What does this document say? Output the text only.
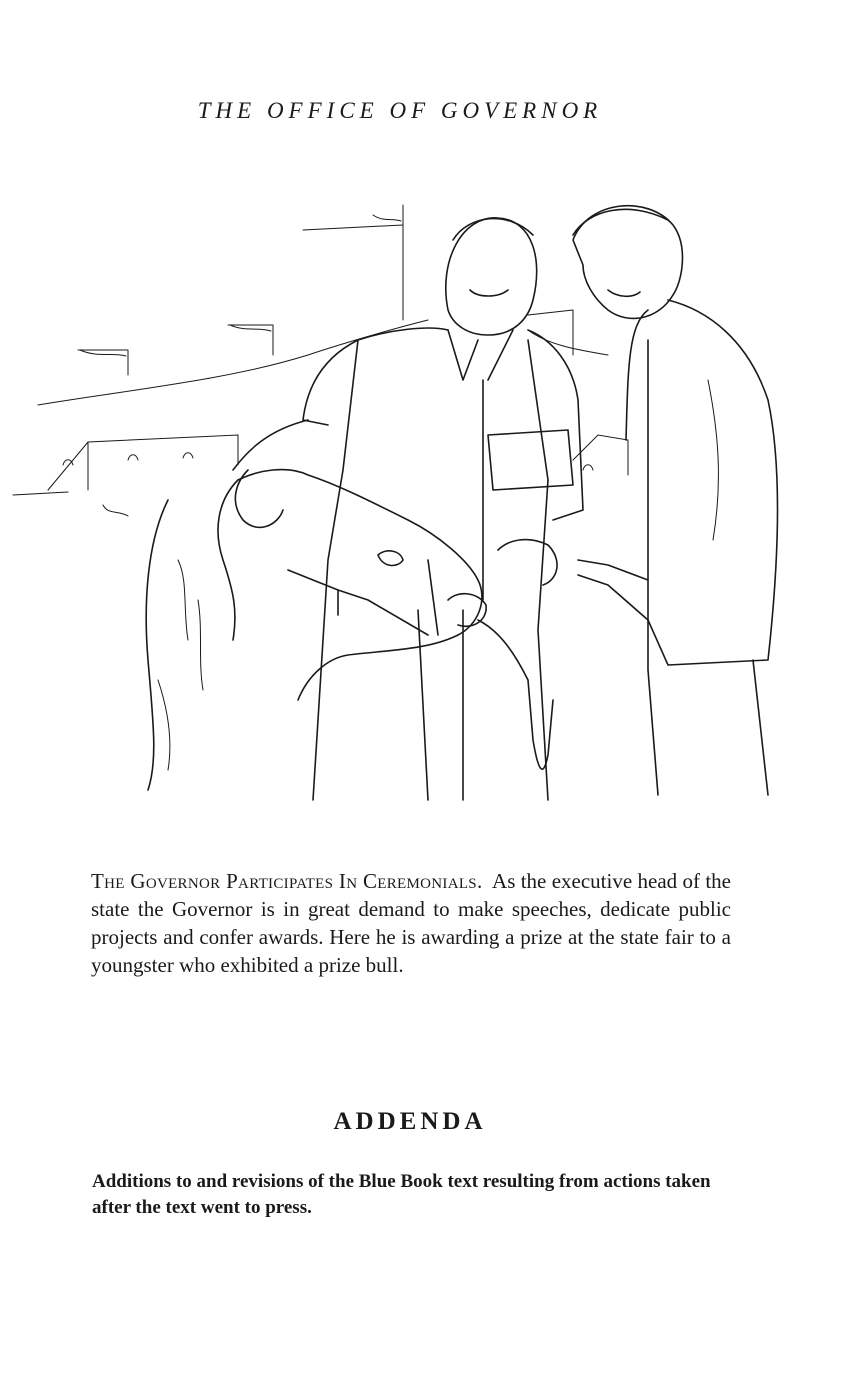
THE OFFICE OF GOVERNOR

The Governor Participates In Ceremonials. As the executive head of the state the Governor is in great demand to make speeches, dedicate public projects and confer awards. Here he is awarding a prize at the state fair to a youngster who exhibited a prize bull.

ADDENDA

Additions to and revisions of the Blue Book text resulting from actions taken after the text went to press.
